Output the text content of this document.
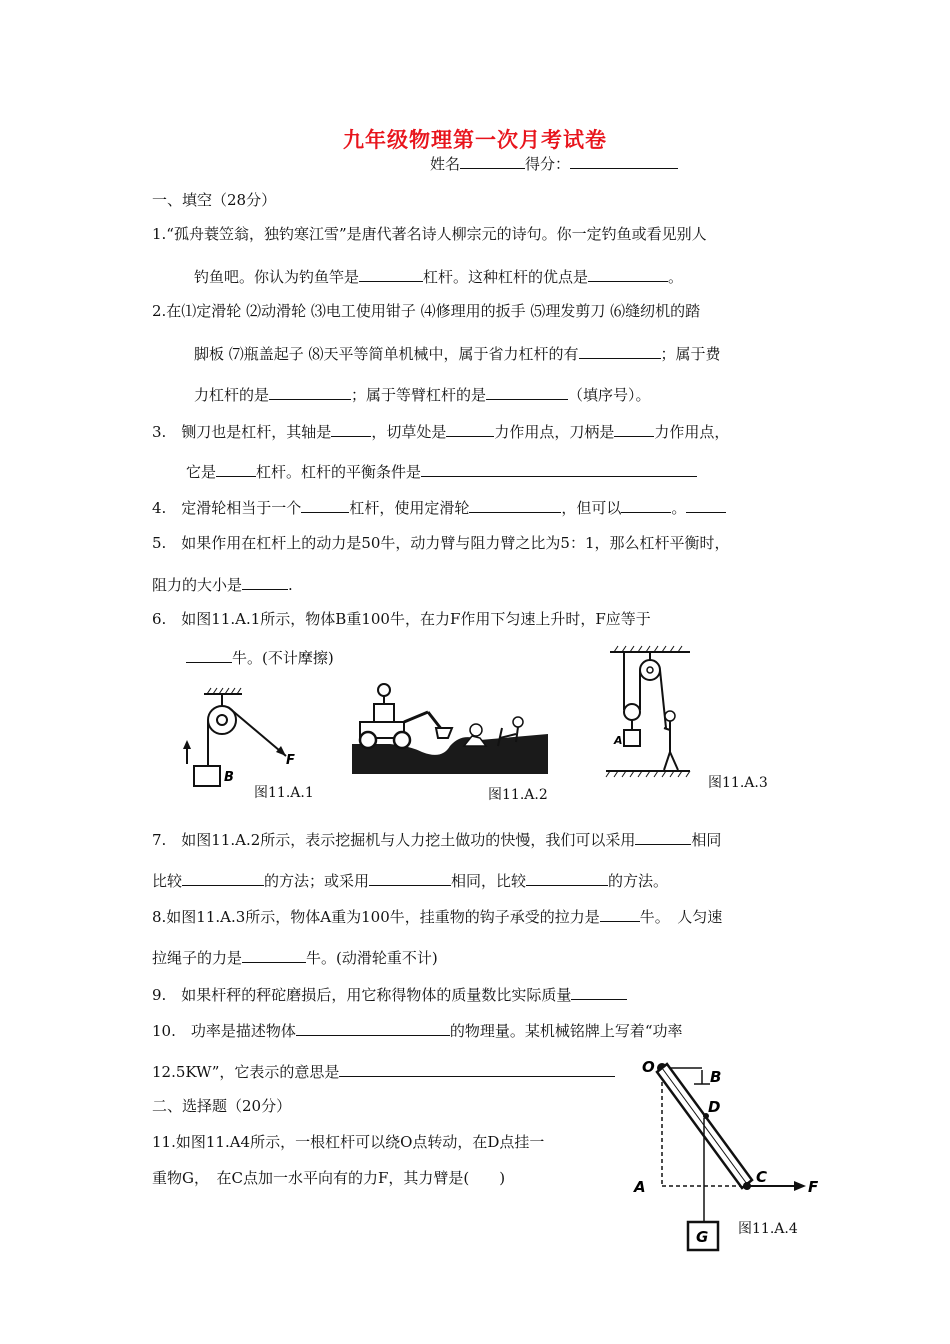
九年级物理第一次月考试卷
姓名	得分：
一、填空（28分）
1.“孤舟蓑笠翁，独钓寒江雪”是唐代著名诗人柳宗元的诗句。你一定钓鱼或看见别人
钓鱼吧。你认为钓鱼竿是	杠杆。这种杠杆的优点是	。
2.在⑴定滑轮 ⑵动滑轮 ⑶电工使用钳子 ⑷修理用的扳手 ⑸理发剪刀 ⑹缝纫机的踏
脚板 ⑺瓶盖起子 ⑻天平等简单机械中，属于省力杠杆的有	；属于费
力杠杆的是	；属于等臂杠杆的是	（填序号）。
3.　铡刀也是杠杆，其轴是	，切草处是	力作用点，刀柄是	力作用点，
它是	杠杆。杠杆的平衡条件是
4.　定滑轮相当于一个	杠杆，使用定滑轮	，但可以	。
5.　如果作用在杠杆上的动力是50牛，动力臂与阻力臂之比为5：1，那么杠杆平衡时，
阻力的大小是	.
6.　如图11.A.1所示，物体B重100牛，在力F作用下匀速上升时，F应等于
牛。(不计摩擦)
B
F
图11.A.1	图11.A.2
A
图11.A.3
7.　如图11.A.2所示，表示挖掘机与人力挖土做功的快慢，我们可以采用	相同
比较	的方法；或采用	相同，比较	的方法。
8.如图11.A.3所示，物体A重为100牛，挂重物的钩子承受的拉力是	牛。　人匀速
拉绳子的力是	牛。(动滑轮重不计)
9.　如果杆秤的秤砣磨损后，用它称得物体的质量数比实际质量
10.　功率是描述物体	的物理量。某机械铭牌上写着“功率
12.5KW”，它表示的意思是
二、选择题（20分）
11.如图11.A4所示，一根杠杆可以绕O点转动，在D点挂一
重物G，　在C点加一水平向有的力F，其力臂是(　　)
O
B
D
A
C
F
G 图11.A.4
